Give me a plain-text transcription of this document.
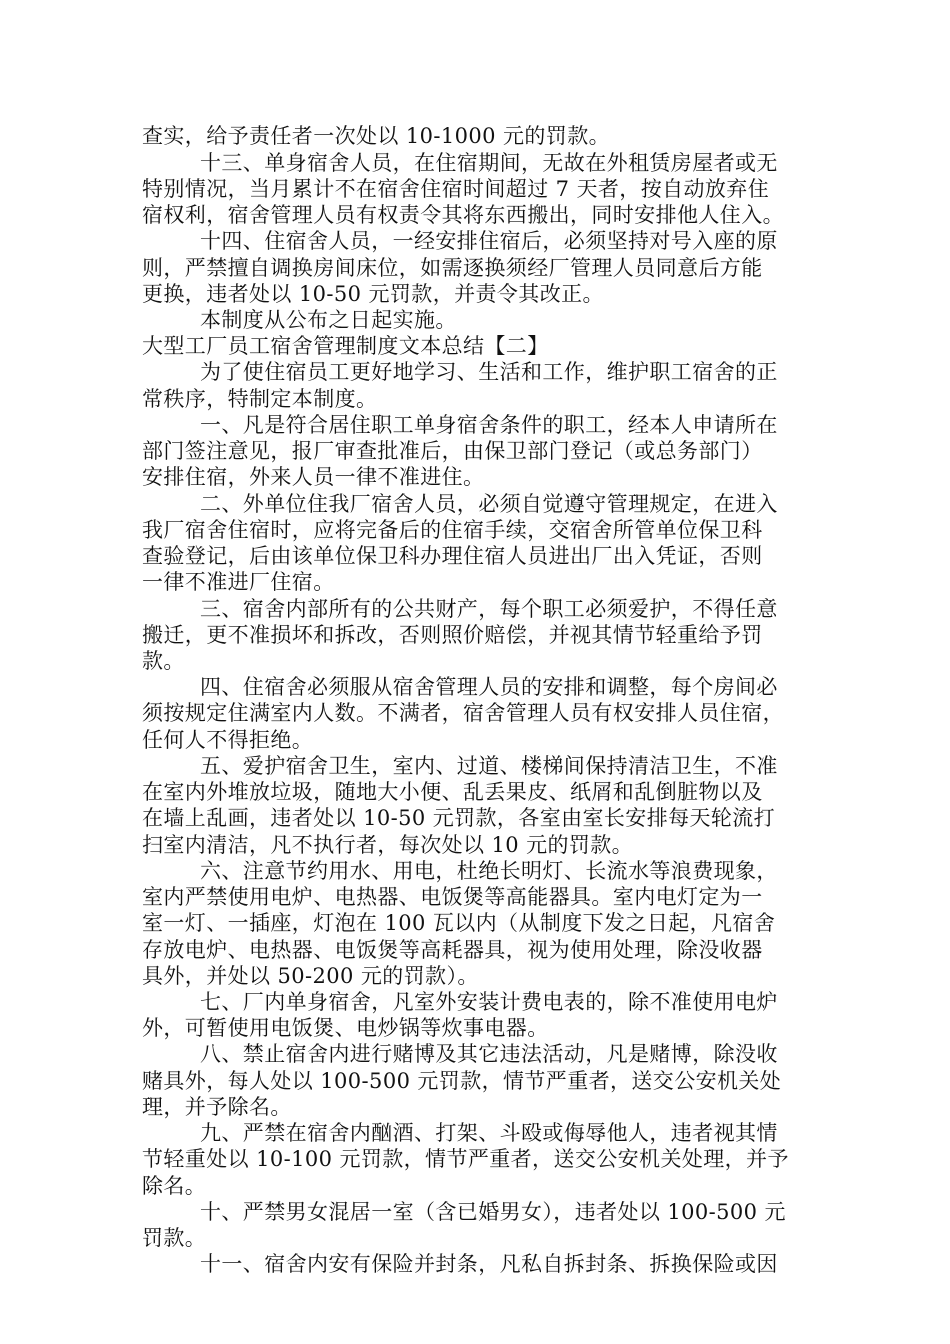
查实，给予责任者一次处以 10-1000 元的罚款。
十三、单身宿舍人员，在住宿期间，无故在外租赁房屋者或无
特别情况，当月累计不在宿舍住宿时间超过 7 天者，按自动放弃住
宿权利，宿舍管理人员有权责令其将东西搬出，同时安排他人住入。
十四、住宿舍人员，一经安排住宿后，必须坚持对号入座的原
则，严禁擅自调换房间床位，如需逐换须经厂管理人员同意后方能
更换，违者处以 10-50 元罚款，并责令其改正。
本制度从公布之日起实施。
大型工厂员工宿舍管理制度文本总结【二】
为了使住宿员工更好地学习、生活和工作，维护职工宿舍的正
常秩序，特制定本制度。
一、凡是符合居住职工单身宿舍条件的职工，经本人申请所在
部门签注意见，报厂审查批准后，由保卫部门登记（或总务部门）
安排住宿，外来人员一律不准进住。
二、外单位住我厂宿舍人员，必须自觉遵守管理规定，在进入
我厂宿舍住宿时，应将完备后的住宿手续，交宿舍所管单位保卫科
查验登记，后由该单位保卫科办理住宿人员进出厂出入凭证，否则
一律不准进厂住宿。
三、宿舍内部所有的公共财产，每个职工必须爱护，不得任意
搬迁，更不准损坏和拆改，否则照价赔偿，并视其情节轻重给予罚
款。
四、住宿舍必须服从宿舍管理人员的安排和调整，每个房间必
须按规定住满室内人数。不满者，宿舍管理人员有权安排人员住宿，
任何人不得拒绝。
五、爱护宿舍卫生，室内、过道、楼梯间保持清洁卫生，不准
在室内外堆放垃圾，随地大小便、乱丢果皮、纸屑和乱倒脏物以及
在墙上乱画，违者处以 10-50 元罚款，各室由室长安排每天轮流打
扫室内清洁，凡不执行者，每次处以 10 元的罚款。
六、注意节约用水、用电，杜绝长明灯、长流水等浪费现象，
室内严禁使用电炉、电热器、电饭煲等高能器具。室内电灯定为一
室一灯、一插座，灯泡在 100 瓦以内（从制度下发之日起，凡宿舍
存放电炉、电热器、电饭煲等高耗器具，视为使用处理，除没收器
具外，并处以 50-200 元的罚款）。
七、厂内单身宿舍，凡室外安装计费电表的，除不准使用电炉
外，可暂使用电饭煲、电炒锅等炊事电器。
八、禁止宿舍内进行赌博及其它违法活动，凡是赌博，除没收
赌具外，每人处以 100-500 元罚款，情节严重者，送交公安机关处
理，并予除名。
九、严禁在宿舍内酗酒、打架、斗殴或侮辱他人，违者视其情
节轻重处以 10-100 元罚款，情节严重者，送交公安机关处理，并予
除名。
十、严禁男女混居一室（含已婚男女），违者处以 100-500 元
罚款。
十一、宿舍内安有保险并封条，凡私自拆封条、拆换保险或因
